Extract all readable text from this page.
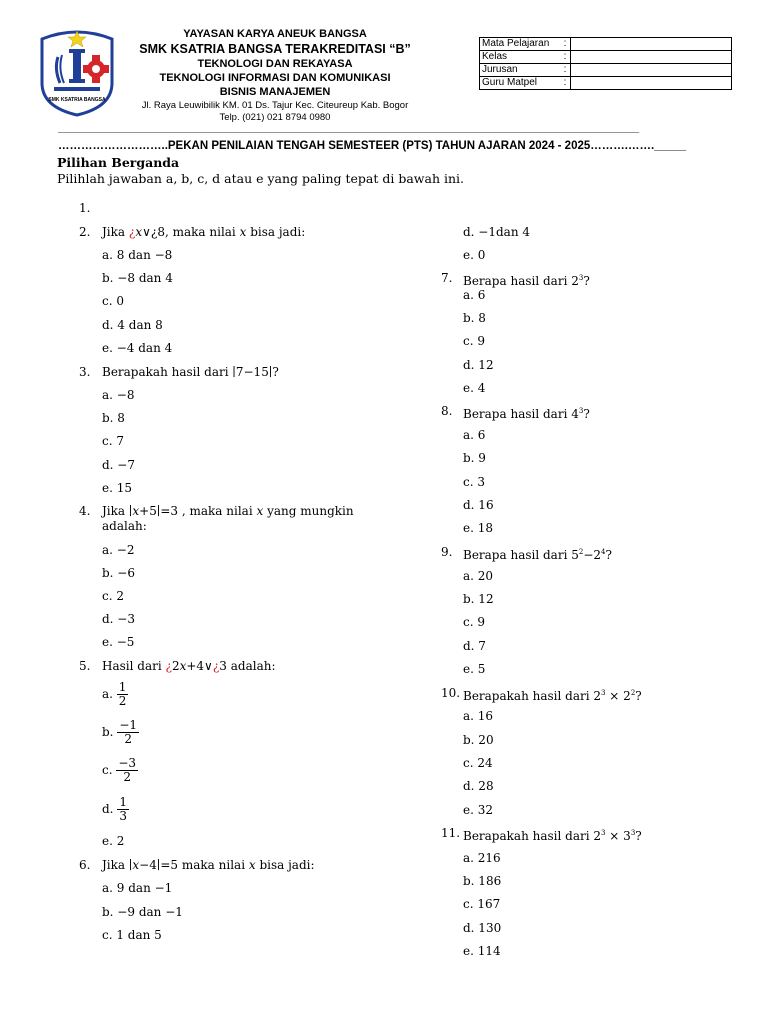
SMK KSATRIA BANGSA
YAYASAN KARYA ANEUK BANGSA
SMK KSATRIA BANGSA TERAKREDITASI “B”
TEKNOLOGI DAN REKAYASA
TEKNOLOGI INFORMASI DAN KOMUNIKASI
BISNIS MANAJEMEN
Jl. Raya Leuwibilik KM. 01 Ds. Tajur Kec. Citeureup Kab. Bogor
Telp. (021) 021 8794 0980
Mata Pelajaran	:	
Kelas	:	
Jurusan	:	
Guru Matpel	:	
_______________________________________________________________________________________________
………………………..PEKAN PENILAIAN TENGAH SEMESTEER (PTS) TAHUN AJARAN 2024 - 2025……….……._____
Pilihan Berganda
Pilihlah jawaban a, b, c, d atau e yang paling tepat di bawah ini.
1.
2. Jika ¿x∨¿8, maka nilai x bisa jadi:
a. 8 dan −8
b. −8 dan 4
c. 0
d. 4 dan 8
e. −4 dan 4
3. Berapakah hasil dari ∣7−15∣?
a. −8
b. 8
c. 7
d. −7
e. 15
4. Jika ∣x+5∣=3 , maka nilai x yang mungkin
adalah:
a. −2
b. −6
c. 2
d. −3
e. −5
5. Hasil dari ¿2x+4∨¿3 adalah:
a. $\frac{1}{2}$
b. $\frac{-1}{2}$
c. $\frac{-3}{2}$
d. $\frac{1}{3}$
e. 2
6. Jika ∣x−4∣=5 maka nilai x bisa jadi:
a. 9 dan −1
b. −9 dan −1
c. 1 dan 5
d. −1dan 4
e. 0
7. Berapa hasil dari $2^3$?
a. 6
b. 8
c. 9
d. 12
e. 4
8. Berapa hasil dari $4^3$?
a. 6
b. 9
c. 3
d. 16
e. 18
9. Berapa hasil dari $5^2-2^4$?
a. 20
b. 12
c. 9
d. 7
e. 5
10. Berapakah hasil dari $2^3 \times 2^2$?
a. 16
b. 20
c. 24
d. 28
e. 32
11. Berapakah hasil dari $2^3 \times 3^3$?
a. 216
b. 186
c. 167
d. 130
e. 114
